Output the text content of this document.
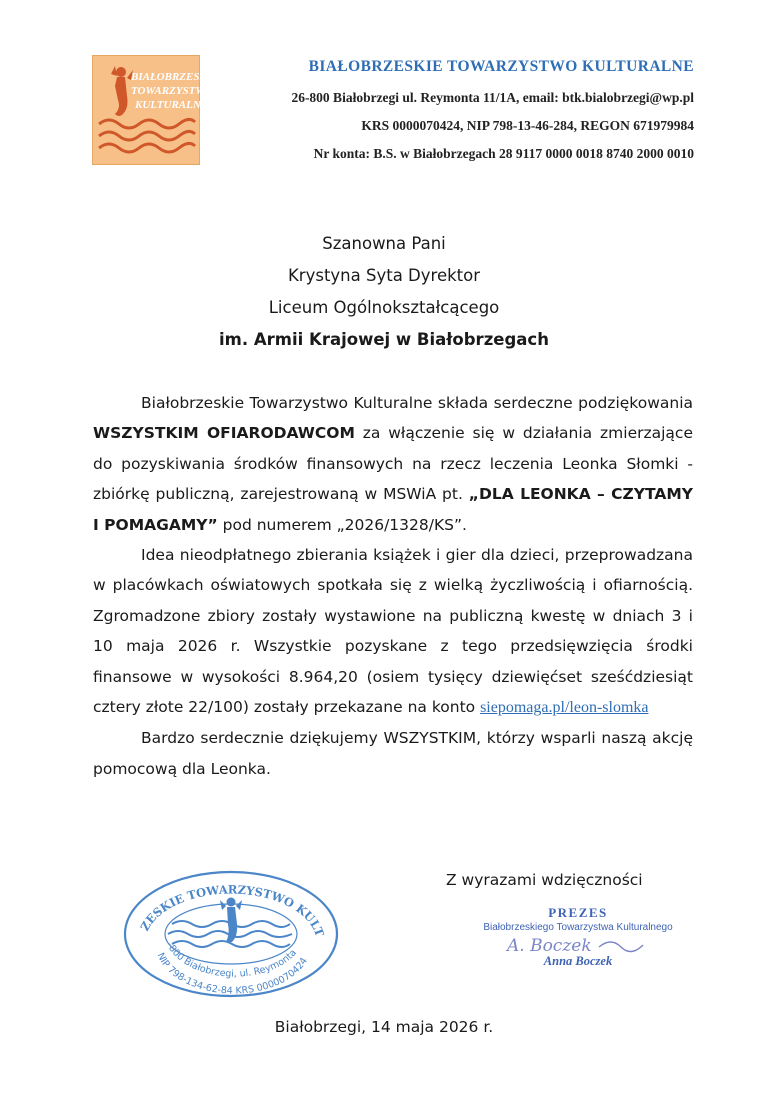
BIAŁOBRZESKIE
TOWARZYSTWO
KULTURALNE

BIAŁOBRZESKIE TOWARZYSTWO KULTURALNE

26-800 Białobrzegi ul. Reymonta 11/1A, email: btk.bialobrzegi@wp.pl

KRS 0000070424, NIP 798-13-46-284, REGON 671979984

Nr konta: B.S. w Białobrzegach 28 9117 0000 0018 8740 2000 0010

Szanowna Pani
Krystyna Syta Dyrektor
Liceum Ogólnokształcącego
im. Armii Krajowej w Białobrzegach

Białobrzeskie Towarzystwo Kulturalne składa serdeczne podziękowania WSZYSTKIM OFIARODAWCOM za włączenie się w działania zmierzające do pozyskiwania środków finansowych na rzecz leczenia Leonka Słomki - zbiórkę publiczną, zarejestrowaną w MSWiA pt. „DLA LEONKA – CZYTAMY I POMAGAMY” pod numerem „2026/1328/KS”.

Idea nieodpłatnego zbierania książek i gier dla dzieci, przeprowadzana w placówkach oświatowych spotkała się z wielką życzliwością i ofiarnością. Zgromadzone zbiory zostały wystawione na publiczną kwestę w dniach 3 i 10 maja 2026 r. Wszystkie pozyskane z tego przedsięwzięcia środki finansowe w wysokości 8.964,20 (osiem tysięcy dziewięćset sześćdziesiąt cztery złote 22/100) zostały przekazane na konto siepomaga.pl/leon-slomka

Bardzo serdecznie dziękujemy WSZYSTKIM, którzy wsparli naszą akcję pomocową dla Leonka.

Z wyrazami wdzięczności
PREZES
Białobrzeskiego Towarzystwa Kulturalnego
A. Boczek
Anna Boczek
ZESKIE TOWARZYSTWO KULT
-800 Białobrzegi, ul. Reymonta
NIP 798-134-62-84 KRS 0000070424
Białobrzegi, 14 maja 2026 r.
